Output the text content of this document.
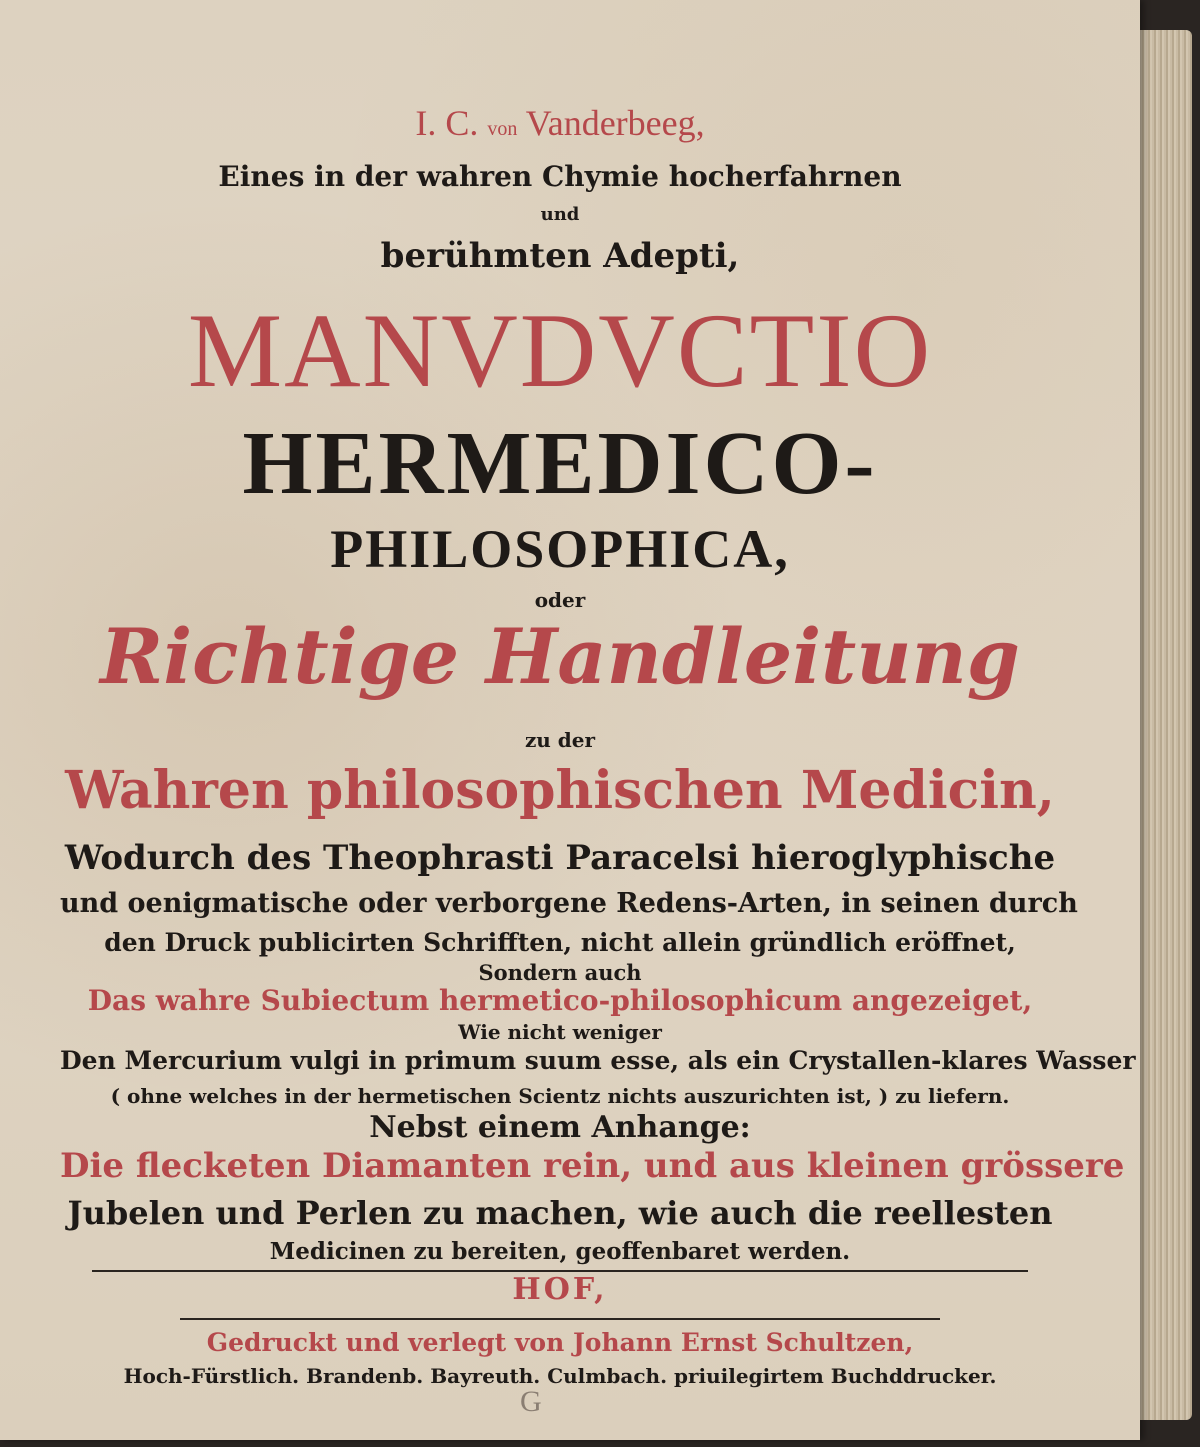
I. C. von Vanderbeeg,
Eines in der wahren Chymie hocherfahrnen
und
berühmten Adepti,
MANVDVCTIO
HERMEDICO-
PHILOSOPHICA,
oder
Richtige Handleitung
zu der
Wahren philosophischen Medicin,
Wodurch des Theophrasti Paracelsi hieroglyphische
und oenigmatische oder verborgene Redens-Arten, in seinen durch
den Druck publicirten Schrifften, nicht allein gründlich eröffnet,
Sondern auch
Das wahre Subiectum hermetico-philosophicum angezeiget,
Wie nicht weniger
Den Mercurium vulgi in primum suum esse, als ein Crystallen-klares Wasser
( ohne welches in der hermetischen Scientz nichts auszurichten ist, ) zu liefern.
Nebst einem Anhange:
Die flecketen Diamanten rein, und aus kleinen grössere
Jubelen und Perlen zu machen, wie auch die reellesten
Medicinen zu bereiten, geoffenbaret werden.
HOF,
Gedruckt und verlegt von Johann Ernst Schultzen,
Hoch-Fürstlich. Brandenb. Bayreuth. Culmbach. priuilegirtem Buchddrucker.
G
